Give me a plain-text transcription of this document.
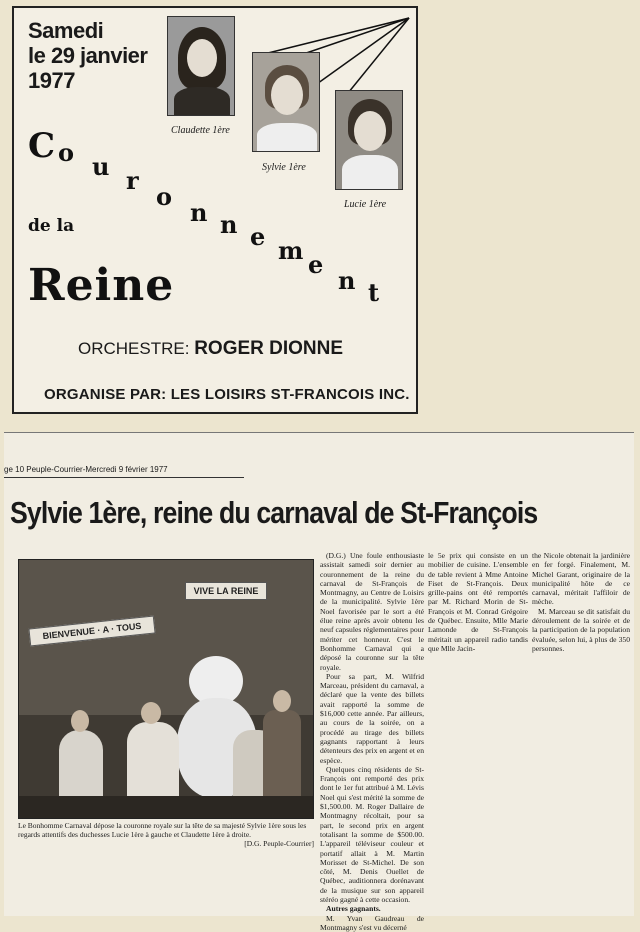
Samedi
le 29 janvier
1977
Claudette 1ère
Sylvie 1ère
Lucie 1ère
C o u r
o
n n e m e
n t
de la
Reine
ORCHESTRE: ROGER DIONNE
ORGANISE PAR: LES LOISIRS ST-FRANCOIS INC.
ge 10 Peuple-Courrier-Mercredi 9 février 1977
Sylvie 1ère, reine du carnaval de St-François
VIVE LA REINE
BIENVENUE · A · TOUS
Le Bonhomme Carnaval dépose la couronne royale sur la tête de sa majesté Sylvie 1ère sous les regards attentifs des duchesses Lucie 1ère à gauche et Claudette 1ère à droite.
[D.G. Peuple-Courrier]

(D.G.) Une foule enthousiaste assistait samedi soir dernier au couronnement de la reine du carnaval de St-François de Montmagny, au Centre de Loisirs de la municipalité. Sylvie 1ère Noel favorisée par le sort a été élue reine après avoir obtenu les neuf capsules réglementaires pour mériter cet honneur. C'est le Bonhomme Carnaval qui a déposé la couronne sur la tête royale.

Pour sa part, M. Wilfrid Marceau, président du carnaval, a déclaré que la vente des billets avait rapporté la somme de $16,000 cette année. Par ailleurs, au cours de la soirée, on a procédé au tirage des billets gagnants rapportant à leurs détenteurs des prix en argent et en espèce.

Quelques cinq résidents de St-François ont remporté des prix dont le 1er fut attribué à M. Lévis Noel qui s'est mérité la somme de $1,500.00. M. Roger Dallaire de Montmagny récoltait, pour sa part, le second prix en argent totalisant la somme de $500.00. L'appareil téléviseur couleur et portatif allait à M. Martin Morisset de St-Michel. De son côté, M. Denis Ouellet de Québec, auditionnera dorénavant de la musique sur son appareil stéréo gagné à cette occasion.

Autres gagnants.

M. Yvan Gaudreau de Montmagny s'est vu décerné

le 5e prix qui consiste en un mobilier de cuisine. L'ensemble de table revient à Mme Antoine Fiset de St-François. Deux grille-pains ont été remportés par M. Richard Morin de St-François et M. Conrad Grégoire de Québec. Ensuite, Mlle Marie Lamonde de St-François méritait un appareil radio tandis que Mlle Jacin-

the Nicole obtenait la jardinière en fer forgé. Finalement, M. Michel Garant, originaire de la municipalité hôte de ce carnaval, méritait l'affiloir de mèche.

M. Marceau se dit satisfait du déroulement de la soirée et de la participation de la population évaluée, selon lui, à plus de 350 personnes.
